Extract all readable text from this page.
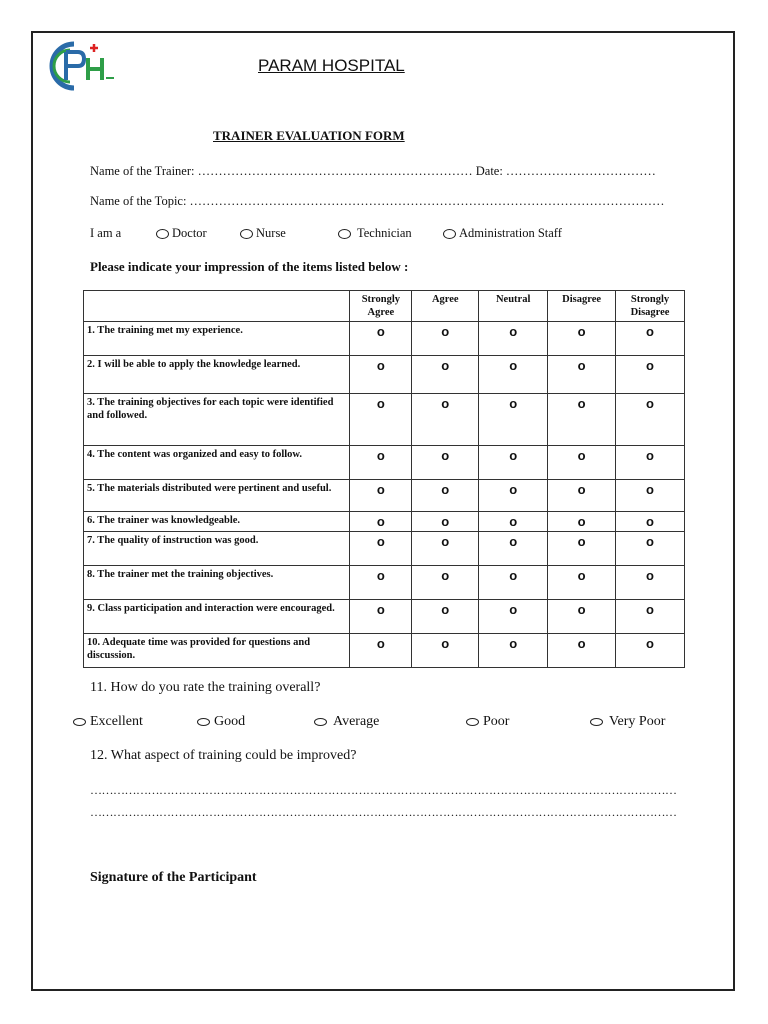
PARAM HOSPITAL
TRAINER EVALUATION FORM
Name of the Trainer: ………………………………………………………… Date: ………………………………
Name of the Topic: ……………………………………………………………………………………………………
I am a	Doctor	Nurse	Technician	Administration Staff
Please indicate your impression of the items listed below :
	Strongly Agree	Agree	Neutral	Disagree	Strongly Disagree
1. The training met my experience.	o	o	o	o	o
2. I will be able to apply the knowledge learned.	o	o	o	o	o
3. The training objectives for each topic were identified and followed.	o	o	o	o	o
4. The content was organized and easy to follow.	o	o	o	o	o
5. The materials distributed were pertinent and useful.	o	o	o	o	o
6. The trainer was knowledgeable.	o	o	o	o	o
7. The quality of instruction was good.	o	o	o	o	o
8. The trainer met the training objectives.	o	o	o	o	o
9. Class participation and interaction were encouraged.	o	o	o	o	o
10. Adequate time was provided for questions and discussion.	o	o	o	o	o
11. How do you rate the training overall?
Excellent	Good	Average	Poor	Very Poor
12. What aspect of training could be improved?
………………………………………………………………………………………………………………………………………
………………………………………………………………………………………………………………………………………
Signature of the Participant
